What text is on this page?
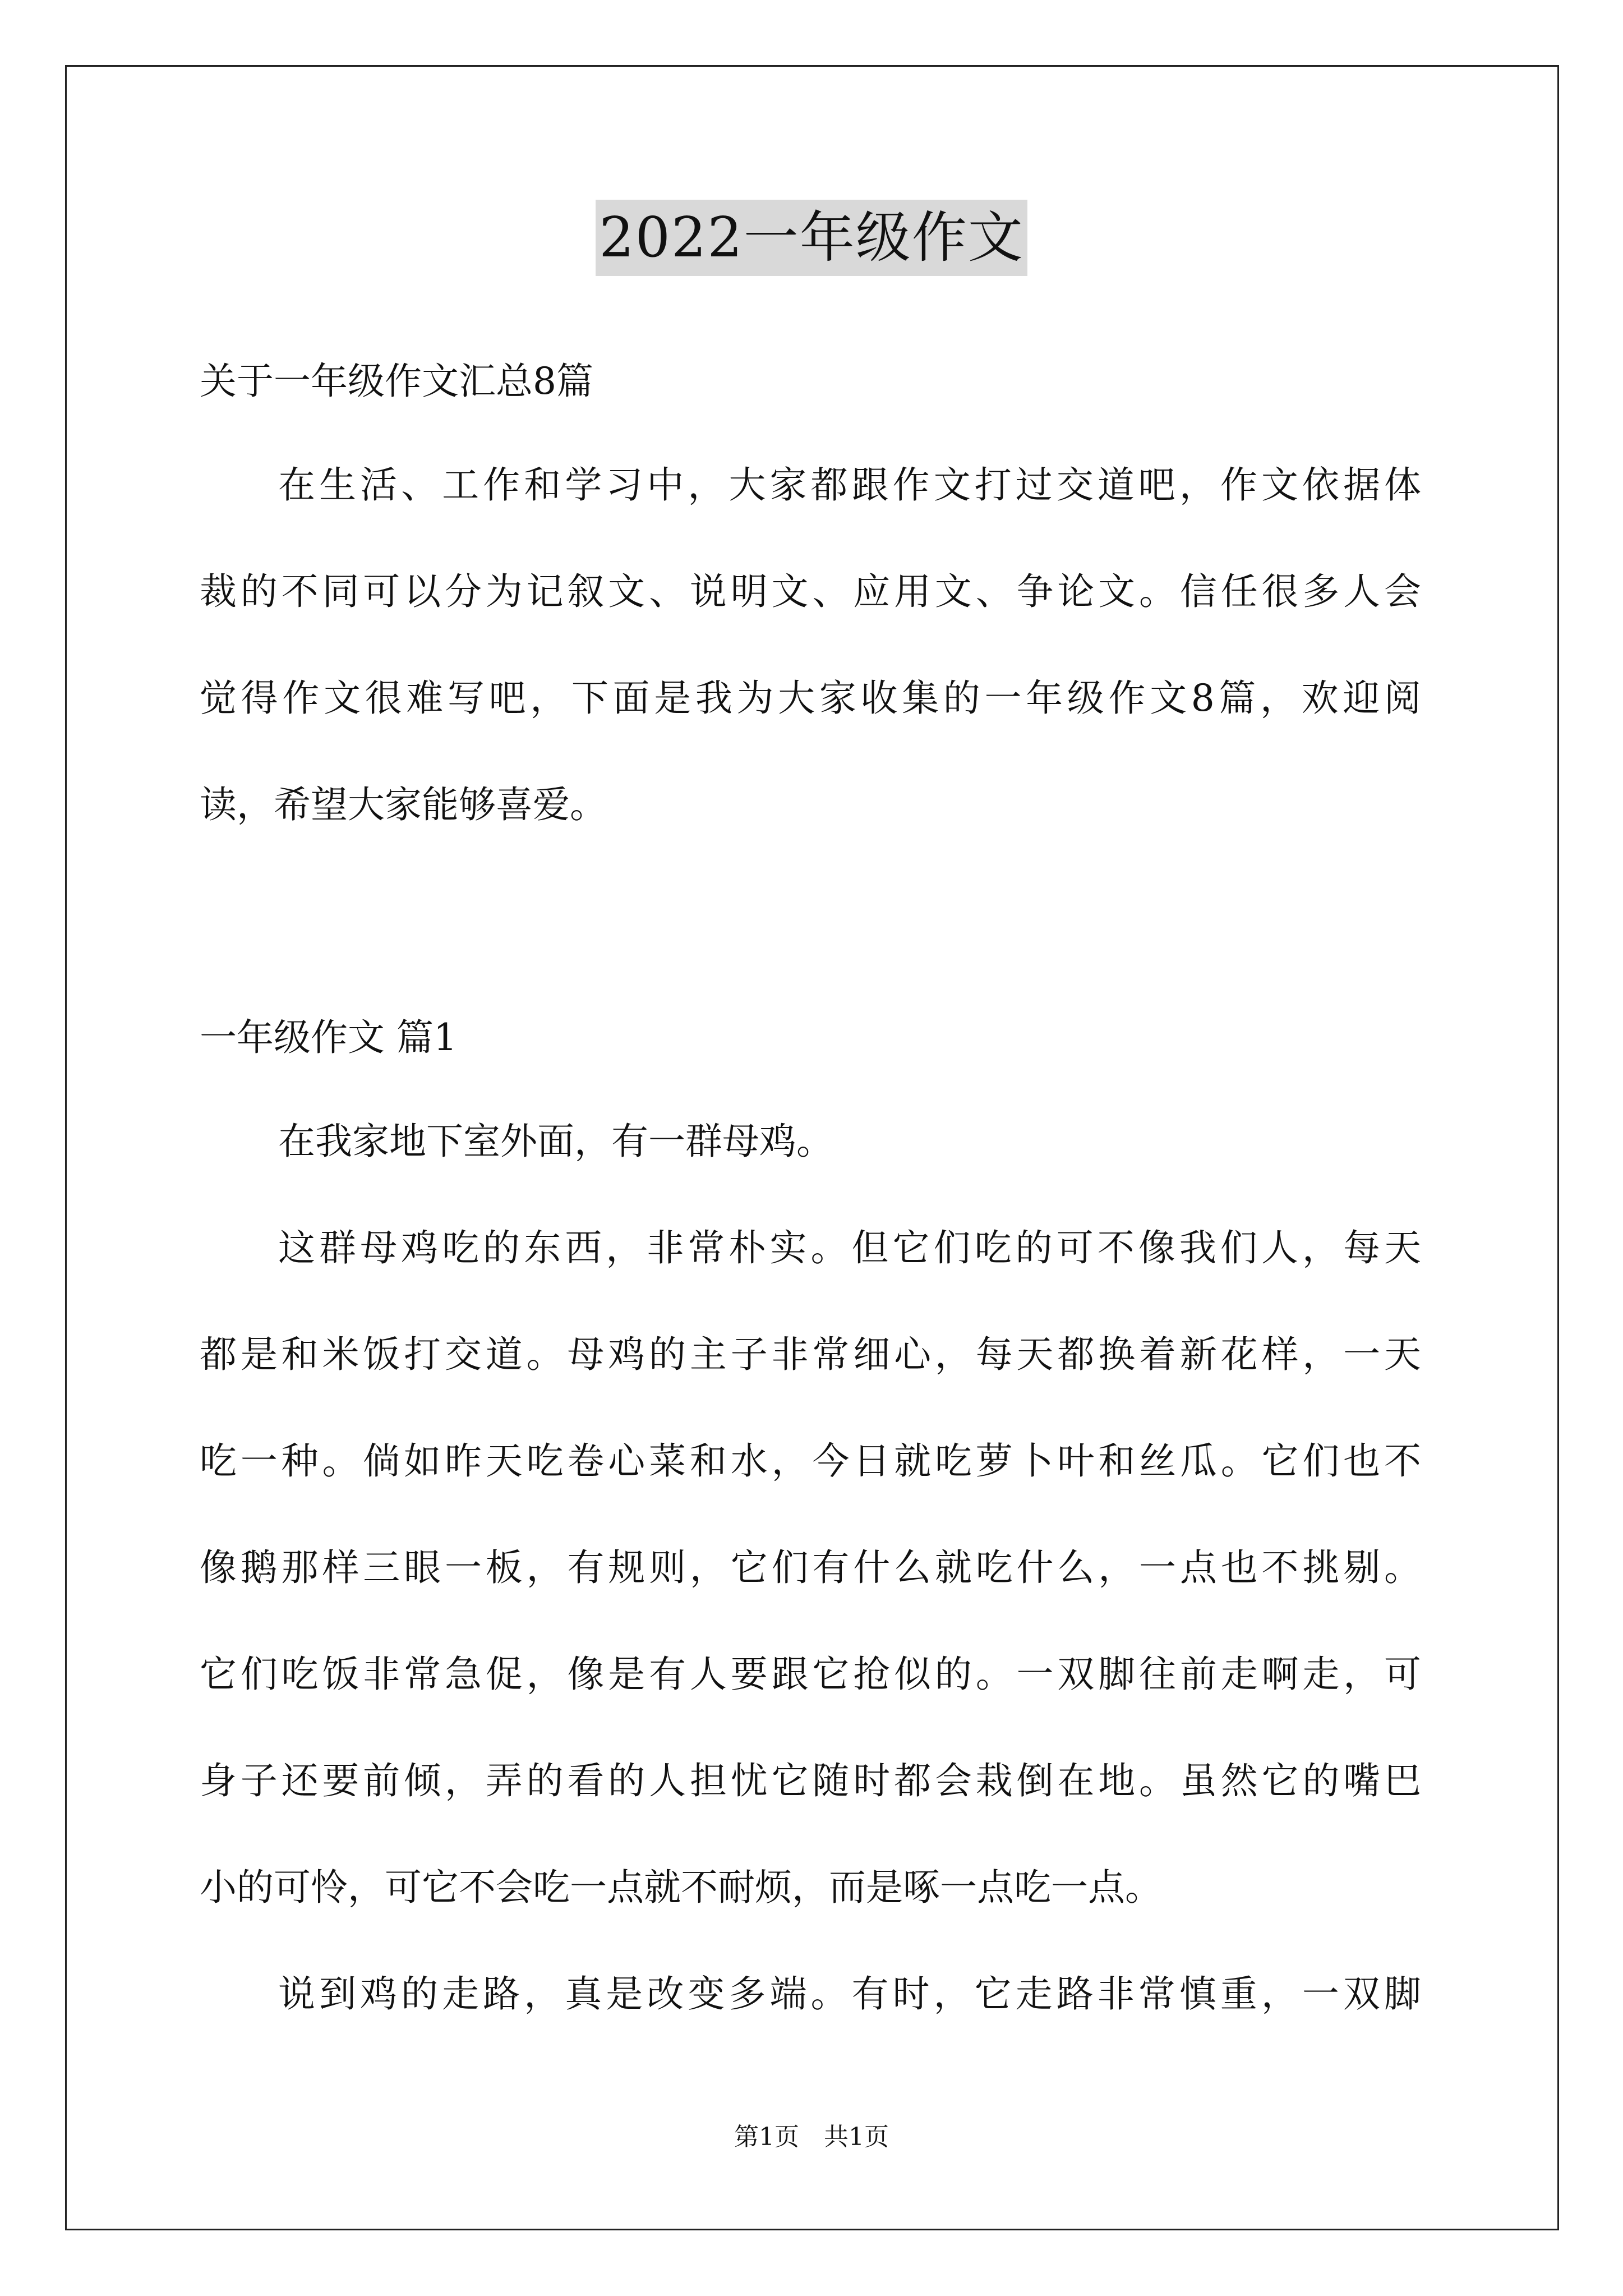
2022一年级作文
关于一年级作文汇总8篇
在生活、工作和学习中，大家都跟作文打过交道吧，作文依据体
裁的不同可以分为记叙文、说明文、应用文、争论文。信任很多人会
觉得作文很难写吧，下面是我为大家收集的一年级作文8篇，欢迎阅
读，希望大家能够喜爱。
一年级作文 篇1
在我家地下室外面，有一群母鸡。
这群母鸡吃的东西，非常朴实。但它们吃的可不像我们人，每天
都是和米饭打交道。母鸡的主子非常细心，每天都换着新花样，一天
吃一种。倘如昨天吃卷心菜和水，今日就吃萝卜叶和丝瓜。它们也不
像鹅那样三眼一板，有规则，它们有什么就吃什么，一点也不挑剔。
它们吃饭非常急促，像是有人要跟它抢似的。一双脚往前走啊走，可
身子还要前倾，弄的看的人担忧它随时都会栽倒在地。虽然它的嘴巴
小的可怜，可它不会吃一点就不耐烦，而是啄一点吃一点。
说到鸡的走路，真是改变多端。有时，它走路非常慎重，一双脚
第1页　共1页
